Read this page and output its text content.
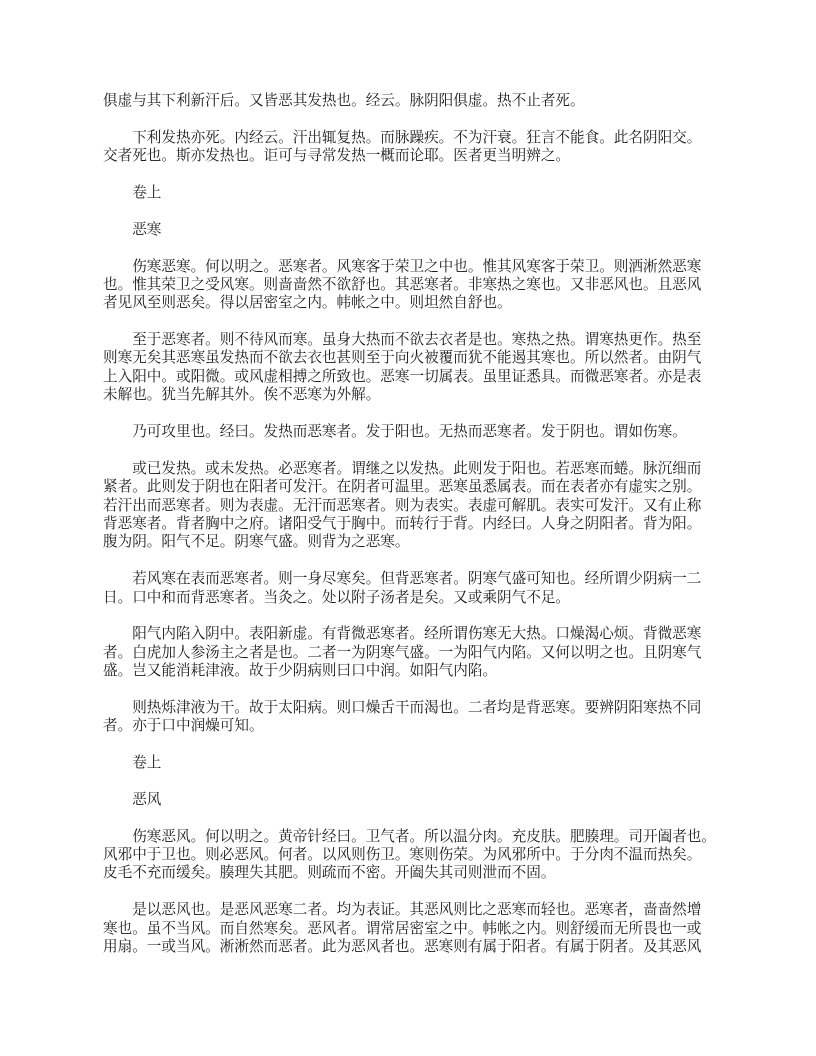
俱虚与其下利新汗后。又皆恶其发热也。经云。脉阴阳俱虚。热不止者死。
下利发热亦死。内经云。汗出辄复热。而脉躁疾。不为汗衰。狂言不能食。此名阴阳交。
交者死也。斯亦发热也。讵可与寻常发热一概而论耶。医者更当明辨之。
卷上
恶寒
伤寒恶寒。何以明之。恶寒者。风寒客于荣卫之中也。惟其风寒客于荣卫。则洒淅然恶寒
也。惟其荣卫之受风寒。则啬啬然不欲舒也。其恶寒者。非寒热之寒也。又非恶风也。且恶风
者见风至则恶矣。得以居密室之内。帏帐之中。则坦然自舒也。
至于恶寒者。则不待风而寒。虽身大热而不欲去衣者是也。寒热之热。谓寒热更作。热至
则寒无矣其恶寒虽发热而不欲去衣也甚则至于向火被覆而犹不能遏其寒也。所以然者。由阴气
上入阳中。或阳微。或风虚相搏之所致也。恶寒一切属表。虽里证悉具。而微恶寒者。亦是表
未解也。犹当先解其外。俟不恶寒为外解。
乃可攻里也。经曰。发热而恶寒者。发于阳也。无热而恶寒者。发于阴也。谓如伤寒。
或已发热。或未发热。必恶寒者。谓继之以发热。此则发于阳也。若恶寒而蜷。脉沉细而
紧者。此则发于阴也在阳者可发汗。在阴者可温里。恶寒虽悉属表。而在表者亦有虚实之别。
若汗出而恶寒者。则为表虚。无汗而恶寒者。则为表实。表虚可解肌。表实可发汗。又有止称
背恶寒者。背者胸中之府。诸阳受气于胸中。而转行于背。内经曰。人身之阴阳者。背为阳。
腹为阴。阳气不足。阴寒气盛。则背为之恶寒。
若风寒在表而恶寒者。则一身尽寒矣。但背恶寒者。阴寒气盛可知也。经所谓少阴病一二
日。口中和而背恶寒者。当灸之。处以附子汤者是矣。又或乘阴气不足。
阳气内陷入阴中。表阳新虚。有背微恶寒者。经所谓伤寒无大热。口燥渴心烦。背微恶寒
者。白虎加人参汤主之者是也。二者一为阴寒气盛。一为阳气内陷。又何以明之也。且阴寒气
盛。岂又能消耗津液。故于少阴病则曰口中润。如阳气内陷。
则热烁津液为干。故于太阳病。则口燥舌干而渴也。二者均是背恶寒。要辨阴阳寒热不同
者。亦于口中润燥可知。
卷上
恶风
伤寒恶风。何以明之。黄帝针经曰。卫气者。所以温分肉。充皮肤。肥腠理。司开阖者也。
风邪中于卫也。则必恶风。何者。以风则伤卫。寒则伤荣。为风邪所中。于分肉不温而热矣。
皮毛不充而缓矣。腠理失其肥。则疏而不密。开阖失其司则泄而不固。
是以恶风也。是恶风恶寒二者。均为表证。其恶风则比之恶寒而轻也。恶寒者，啬啬然增
寒也。虽不当风。而自然寒矣。恶风者。谓常居密室之中。帏帐之内。则舒缓而无所畏也一或
用扇。一或当风。淅淅然而恶者。此为恶风者也。恶寒则有属于阳者。有属于阴者。及其恶风
